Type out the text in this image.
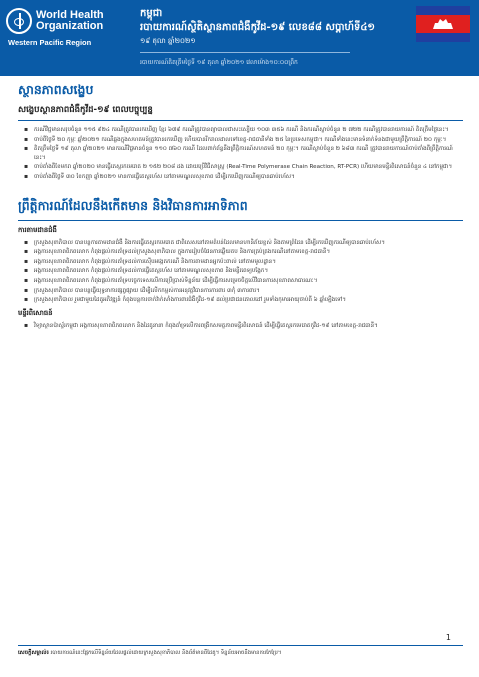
World Health
Organization
Western Pacific Region
កម្ពុជា
របាយការណ៍ស្ថិតិស្ថានភាពជំងឺកូវីដ-១៩ លេខ៨៨ សប្តាហ៍ទី៤១
១៩ តុលា ឆ្នាំ២០២១
របាយការណ៍គិតត្រឹមថ្ងៃទី ១៩ តុលា ឆ្នាំ២០២១ វេលាម៉ោង១០:០០ព្រឹក
ស្ថានភាពសង្ខេប
សង្ខេបស្ថានភាពជំងឺកូវីដ-១៩ ពេលបច្ចុប្បន្ន
▪ ករណីវិជ្ជមានសរុបចំនួន ១១៥ ៩២៤ ករណីត្រូវបានរកឃើញ ខ្មែរ ៦៧៩ ករណីត្រូវបានព្យាបាលជាសះស្បើយ ១០៣ ៣៥៦ ករណី និងករណីស្លាប់ចំនួន ២ ៧២២ ករណីត្រូវបានរាយការណ៍ គិតត្រឹមថ្ងៃនេះ។
▪ ចាប់ពីថ្ងៃទី ២០ កុម្ភៈ ឆ្នាំ២០២១ ករណីឆ្លងក្នុងសហគមន៍ត្រូវបានរកឃើញ ហើយបានរីករាលដាលទៅខេត្ត-រាជធានីទាំង ២៥ នៃប្រទេសកម្ពុជា។ ករណីទាំងនេះមានទំនាក់ទំនងជាមួយព្រឹត្តិការណ៍ ២០ កុម្ភៈ។
▪ គិតត្រឹមថ្ងៃទី ១៩ តុលា ឆ្នាំ២០២១ មានករណីវិជ្ជមានចំនួន ១១០ ៧៦០ ករណី ដែលពាក់ព័ន្ធនឹងព្រឹត្តិការណ៍សហគមន៍ ២០ កុម្ភៈ។ ករណីស្លាប់ចំនួន ២ ៦៨៣ ករណី ត្រូវបានរាយការណ៍ចាប់តាំងពីព្រឹត្តិការណ៍នេះ។
▪ ចាប់តាំងពីខែមករា ឆ្នាំ២០២០ មានធ្វើតេស្តរកមេរោគ ២ ១៥២ ២០៨ ដង ដោយប្រើវិធីសាស្ត្រ (Real-Time Polymerase Chain Reaction, RT-PCR) ហើយមានមន្ទីរពិសោធន៍ចំនួន ៤ នៅកម្ពុជា។
▪ ចាប់តាំងពីថ្ងៃទី ៣០ ខែកញ្ញា ឆ្នាំ២០២១ មានការធ្វើតេស្តរហ័ស នៅតាមមណ្ឌលសុខភាព ដើម្បីរកឃើញករណីឲ្យបានឆាប់រហ័ស។
ព្រឹត្តិការណ៍ដែលនឹងកើតមាន និងវិធានការអាទិភាព
ការតាមដានជំងឺ
▪ ក្រសួងសុខាភិបាល បានបន្តការតាមដានជំងឺ និងការធ្វើតេស្តរកមេរោគ ជាពិសេសនៅតាមតំបន់ដែលមានហានិភ័យខ្ពស់ និងតាមព្រំដែន ដើម្បីរកឃើញករណីឲ្យបានឆាប់រហ័ស។
▪ អង្គការសុខភាពពិភពលោក កំពុងផ្តល់ការគាំទ្រដល់ក្រសួងសុខាភិបាល ក្នុងការរៀបចំផែនការឆ្លើយតប និងការគ្រប់គ្រងករណីនៅតាមខេត្ត-រាជធានី។
▪ អង្គការសុខភាពពិភពលោក កំពុងផ្តល់ការគាំទ្រដល់ការស៊ើបអង្កេតករណី និងការតាមដានអ្នកប៉ះពាល់ នៅតាមមូលដ្ឋាន។
▪ អង្គការសុខភាពពិភពលោក កំពុងផ្តល់ការគាំទ្រដល់ការធ្វើតេស្តរហ័ស នៅតាមមណ្ឌលសុខភាព និងមន្ទីរពេទ្យបង្អែក។
▪ អង្គការសុខភាពពិភពលោក កំពុងផ្តល់ការគាំទ្របច្ចេកទេសលើការប្រើប្រាស់ទិន្នន័យ ដើម្បីធ្វើការសម្រេចចិត្តលើវិធានការសុខភាពសាធារណៈ។
▪ ក្រសួងសុខាភិបាល បានបន្តធ្វើយុទ្ធនាការផ្សព្វផ្សាយ ដើម្បីលើកកម្ពស់ការអនុវត្តវិធានការការពារ ៣កុំ ៣ការពារ។
▪ ក្រសួងសុខាភិបាល រួមជាមួយដៃគូអភិវឌ្ឍន៍ កំពុងបន្តការចាក់វ៉ាក់សាំងការពារជំងឺកូវីដ-១៩ ដល់ប្រជាជនគោលដៅ រួមទាំងកុមារអាយុចាប់ពី ៦ ឆ្នាំឡើងទៅ។
មន្ទីរពិសោធន៍
▪ វិទ្យាស្ថានប៉ាស្ទ័រកម្ពុជា អង្គការសុខភាពពិភពលោក និងដៃគូនានា កំពុងគាំទ្រលើការពង្រីកសមត្ថភាពមន្ទីរពិសោធន៍ ដើម្បីធ្វើតេស្តរកមេរោគកូវីដ-១៩ នៅតាមខេត្ត-រាជធានី។
1
សេចក្តីសម្គាល់៖ របាយការណ៍នេះផ្អែកលើទិន្នន័យដែលផ្តល់ដោយក្រសួងសុខាភិបាល និងព័ត៌មានពីដៃគូ។ ទិន្នន័យអាចនឹងមានការកែប្រែ។
